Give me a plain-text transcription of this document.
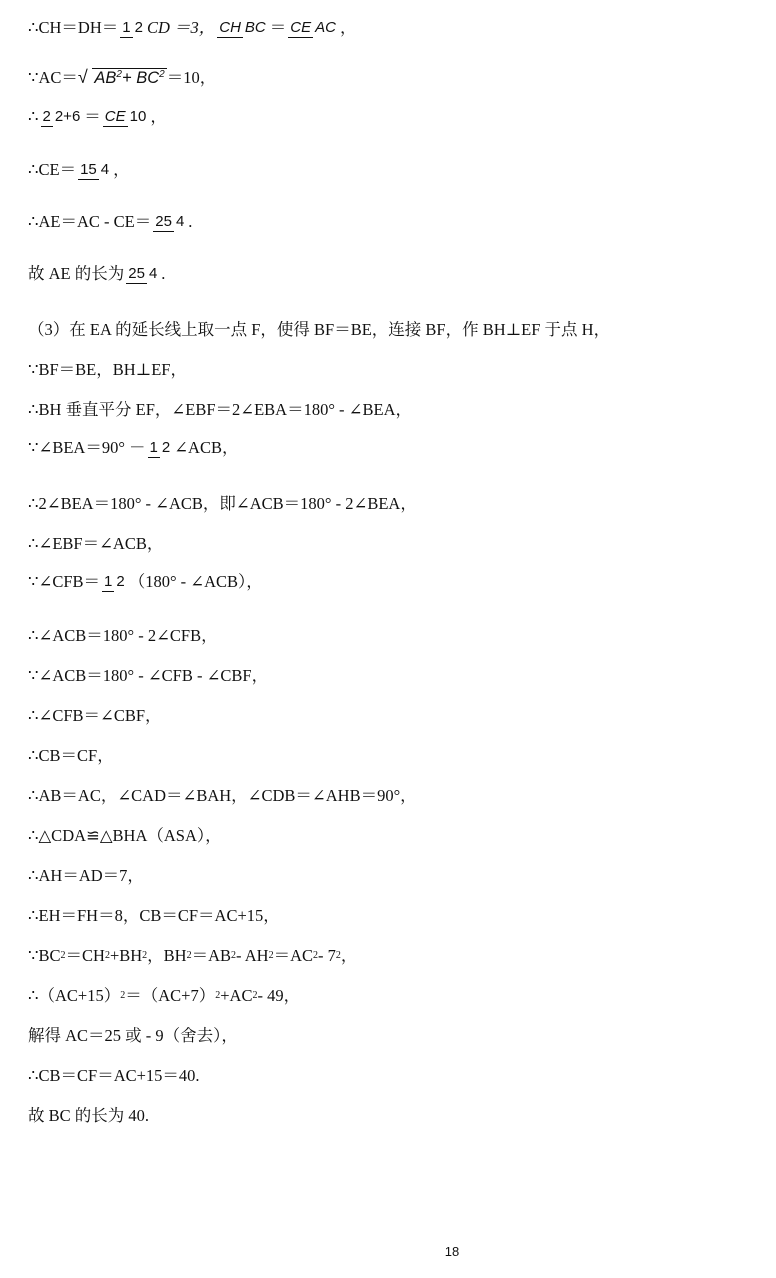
∴CH＝DH＝ 1 2 CD ＝3， CH BC ＝ CE AC ，
∵AC＝ √ $AB^2+ BC^2 =10$，
∴ 2 2+6 ＝ CE 10 ，
∴CE＝ 15 4 ，
∴AE＝AC - CE＝ 25 4 .
故 AE 的长为 25 4 .
（3）在 EA 的延长线上取一点 F，使得 BF＝BE，连接 BF，作 BH⊥EF 于点 H，
∵BF＝BE，BH⊥EF，
∴BH 垂直平分 EF，∠EBF＝2∠EBA＝180° - ∠BEA，
∵∠BEA＝90° － 1 2 ∠ACB，
∴2∠BEA＝180° - ∠ACB，即∠ACB＝180° - 2∠BEA，
∴∠EBF＝∠ACB，
∵∠CFB＝ 1 2 （180° - ∠ACB），
∴∠ACB＝180° - 2∠CFB，
∵∠ACB＝180° - ∠CFB - ∠CBF，
∴∠CFB＝∠CBF，
∴CB＝CF，
∴AB＝AC，∠CAD＝∠BAH，∠CDB＝∠AHB＝90°，
∴△CDA≌△BHA（ASA），
∴AH＝AD＝7，
∴EH＝FH＝8，CB＝CF＝AC+15，
∵BC 2 ＝CH 2 +BH 2 ，BH 2 ＝AB 2 - AH 2 ＝AC 2 - 7 2 ，
∴（AC+15） 2 ＝（AC+7） 2 +AC 2 - 49，
解得 AC＝25 或 - 9（舍去），
∴CB＝CF＝AC+15＝40.
故 BC 的长为 40.
18
